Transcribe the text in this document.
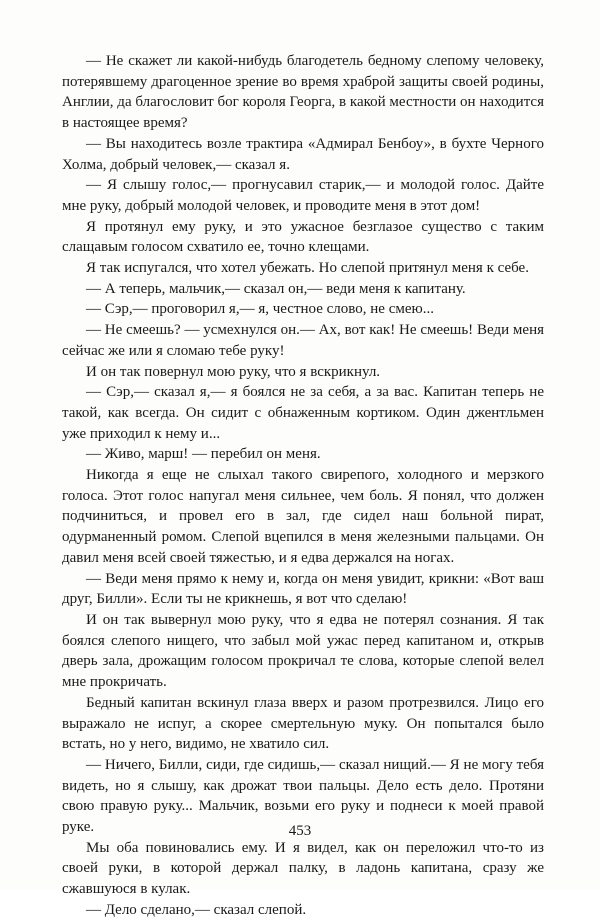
— Не скажет ли какой-нибудь благодетель бедному слепому человеку, потерявшему драгоценное зрение во время храброй защиты своей родины, Англии, да благословит бог короля Георга, в какой местности он находится в настоящее время?

— Вы находитесь возле трактира «Адмирал Бенбоу», в бухте Черного Холма, добрый человек,— сказал я.

— Я слышу голос,— прогнусавил старик,— и молодой голос. Дайте мне руку, добрый молодой человек, и проводите меня в этот дом!

Я протянул ему руку, и это ужасное безглазое существо с таким слащавым голосом схватило ее, точно клещами.

Я так испугался, что хотел убежать. Но слепой притянул меня к себе.

— А теперь, мальчик,— сказал он,— веди меня к капитану.

— Сэр,— проговорил я,— я, честное слово, не смею...

— Не смеешь? — усмехнулся он.— Ах, вот как! Не смеешь! Веди меня сейчас же или я сломаю тебе руку!

И он так повернул мою руку, что я вскрикнул.

— Сэр,— сказал я,— я боялся не за себя, а за вас. Капитан теперь не такой, как всегда. Он сидит с обнаженным кортиком. Один джентльмен уже приходил к нему и...

— Живо, марш! — перебил он меня.

Никогда я еще не слыхал такого свирепого, холодного и мерзкого голоса. Этот голос напугал меня сильнее, чем боль. Я понял, что должен подчиниться, и провел его в зал, где сидел наш больной пират, одурманенный ромом. Слепой вцепился в меня железными пальцами. Он давил меня всей своей тяжестью, и я едва держался на ногах.

— Веди меня прямо к нему и, когда он меня увидит, крикни: «Вот ваш друг, Билли». Если ты не крикнешь, я вот что сделаю!

И он так вывернул мою руку, что я едва не потерял сознания. Я так боялся слепого нищего, что забыл мой ужас перед капитаном и, открыв дверь зала, дрожащим голосом прокричал те слова, которые слепой велел мне прокричать.

Бедный капитан вскинул глаза вверх и разом протрезвился. Лицо его выражало не испуг, а скорее смертельную муку. Он попытался было встать, но у него, видимо, не хватило сил.

— Ничего, Билли, сиди, где сидишь,— сказал нищий.— Я не могу тебя видеть, но я слышу, как дрожат твои пальцы. Дело есть дело. Протяни свою правую руку... Мальчик, возьми его руку и поднеси к моей правой руке.

Мы оба повиновались ему. И я видел, как он переложил что-то из своей руки, в которой держал палку, в ладонь капитана, сразу же сжавшуюся в кулак.

— Дело сделано,— сказал слепой.

453
